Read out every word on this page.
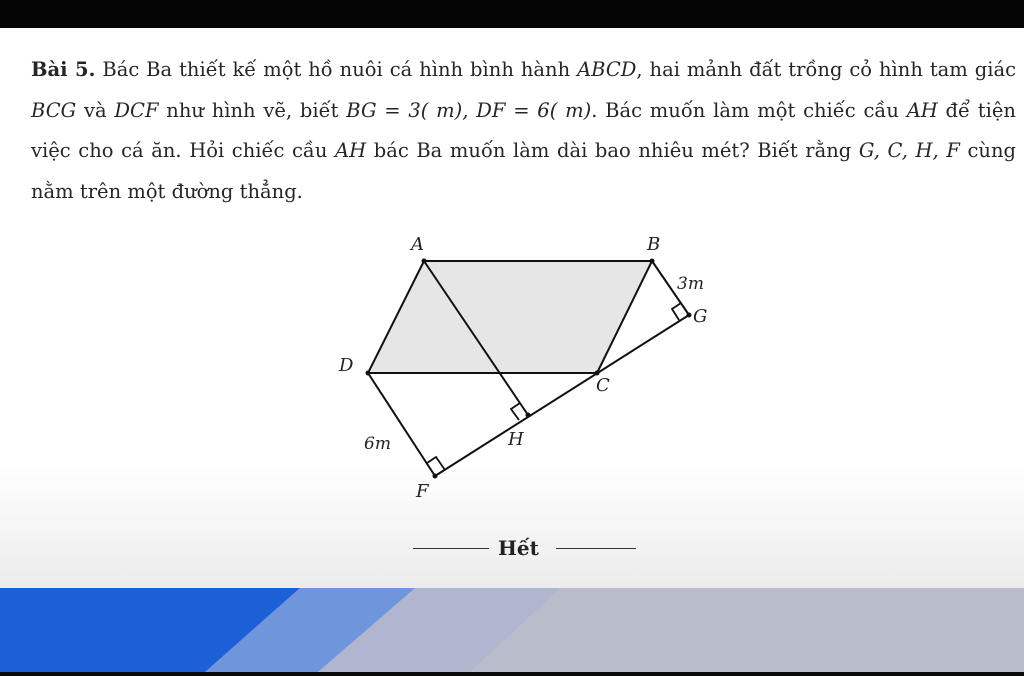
Bài 5. Bác Ba thiết kế một hồ nuôi cá hình bình hành ABCD, hai mảnh đất trồng cỏ hình tam giác BCG và DCF như hình vẽ, biết BG = 3( m), DF = 6( m). Bác muốn làm một chiếc cầu AH để tiện việc cho cá ăn. Hỏi chiếc cầu AH bác Ba muốn làm dài bao nhiêu mét? Biết rằng G, C, H, F cùng nằm trên một đường thẳng.
A	B
3m
G
D
C
6m	H
F
Hết
